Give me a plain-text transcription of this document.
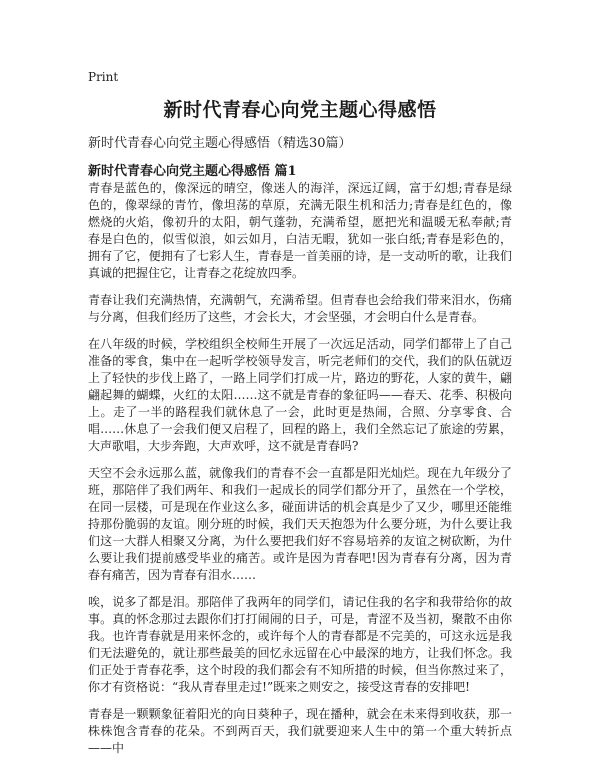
Print
新时代青春心向党主题心得感悟
新时代青春心向党主题心得感悟（精选30篇）
新时代青春心向党主题心得感悟 篇1

青春是蓝色的，像深远的晴空，像迷人的海洋，深远辽阔，富于幻想;青春是绿色的，像翠绿的青竹，像坦荡的草原，充满无限生机和活力;青春是红色的，像燃烧的火焰，像初升的太阳，朝气蓬勃，充满希望，愿把光和温暖无私奉献;青春是白色的，似雪似浪，如云如月，白洁无暇，犹如一张白纸;青春是彩色的，拥有了它，便拥有了七彩人生，青春是一首美丽的诗，是一支动听的歌，让我们真诚的把握住它，让青春之花绽放四季。

青春让我们充满热情，充满朝气，充满希望。但青春也会给我们带来泪水，伤痛与分离，但我们经历了这些，才会长大，才会坚强，才会明白什么是青春。

在八年级的时候，学校组织全校师生开展了一次远足活动，同学们都带上了自己准备的零食，集中在一起听学校领导发言，听完老师们的交代，我们的队伍就迈上了轻快的步伐上路了，一路上同学们打成一片，路边的野花，人家的黄牛，翩翩起舞的蝴蝶，火红的太阳……这不就是青春的象征吗——春天、花季、积极向上。走了一半的路程我们就休息了一会，此时更是热闹，合照、分享零食、合唱……休息了一会我们便又启程了，回程的路上，我们全然忘记了旅途的劳累，大声歌唱，大步奔跑，大声欢呼，这不就是青春吗?

天空不会永远那么蓝，就像我们的青春不会一直都是阳光灿烂。现在九年级分了班，那陪伴了我们两年、和我们一起成长的同学们都分开了，虽然在一个学校，在同一层楼，可是现在作业这么多，碰面讲话的机会真是少了又少，哪里还能维持那份脆弱的友谊。刚分班的时候，我们天天抱怨为什么要分班，为什么要让我们这一大群人相聚又分离，为什么要把我们好不容易培养的友谊之树砍断，为什么要让我们提前感受毕业的痛苦。或许是因为青春吧!因为青春有分离，因为青春有痛苦，因为青春有泪水……

唉，说多了都是泪。那陪伴了我两年的同学们，请记住我的名字和我带给你的故事。真的怀念那过去跟你们打打闹闹的日子，可是，青涩不及当初，聚散不由你我。也许青春就是用来怀念的，或许每个人的青春都是不完美的，可这永远是我们无法避免的，就让那些最美的回忆永远留在心中最深的地方，让我们怀念。我们正处于青春花季，这个时段的我们都会有不知所措的时候，但当你熬过来了，你才有资格说：“我从青春里走过!”既来之则安之，接受这青春的安排吧!

青春是一颗颗象征着阳光的向日葵种子，现在播种，就会在未来得到收获，那一株株饱含青春的花朵。不到两百天，我们就要迎来人生中的第一个重大转折点——中
